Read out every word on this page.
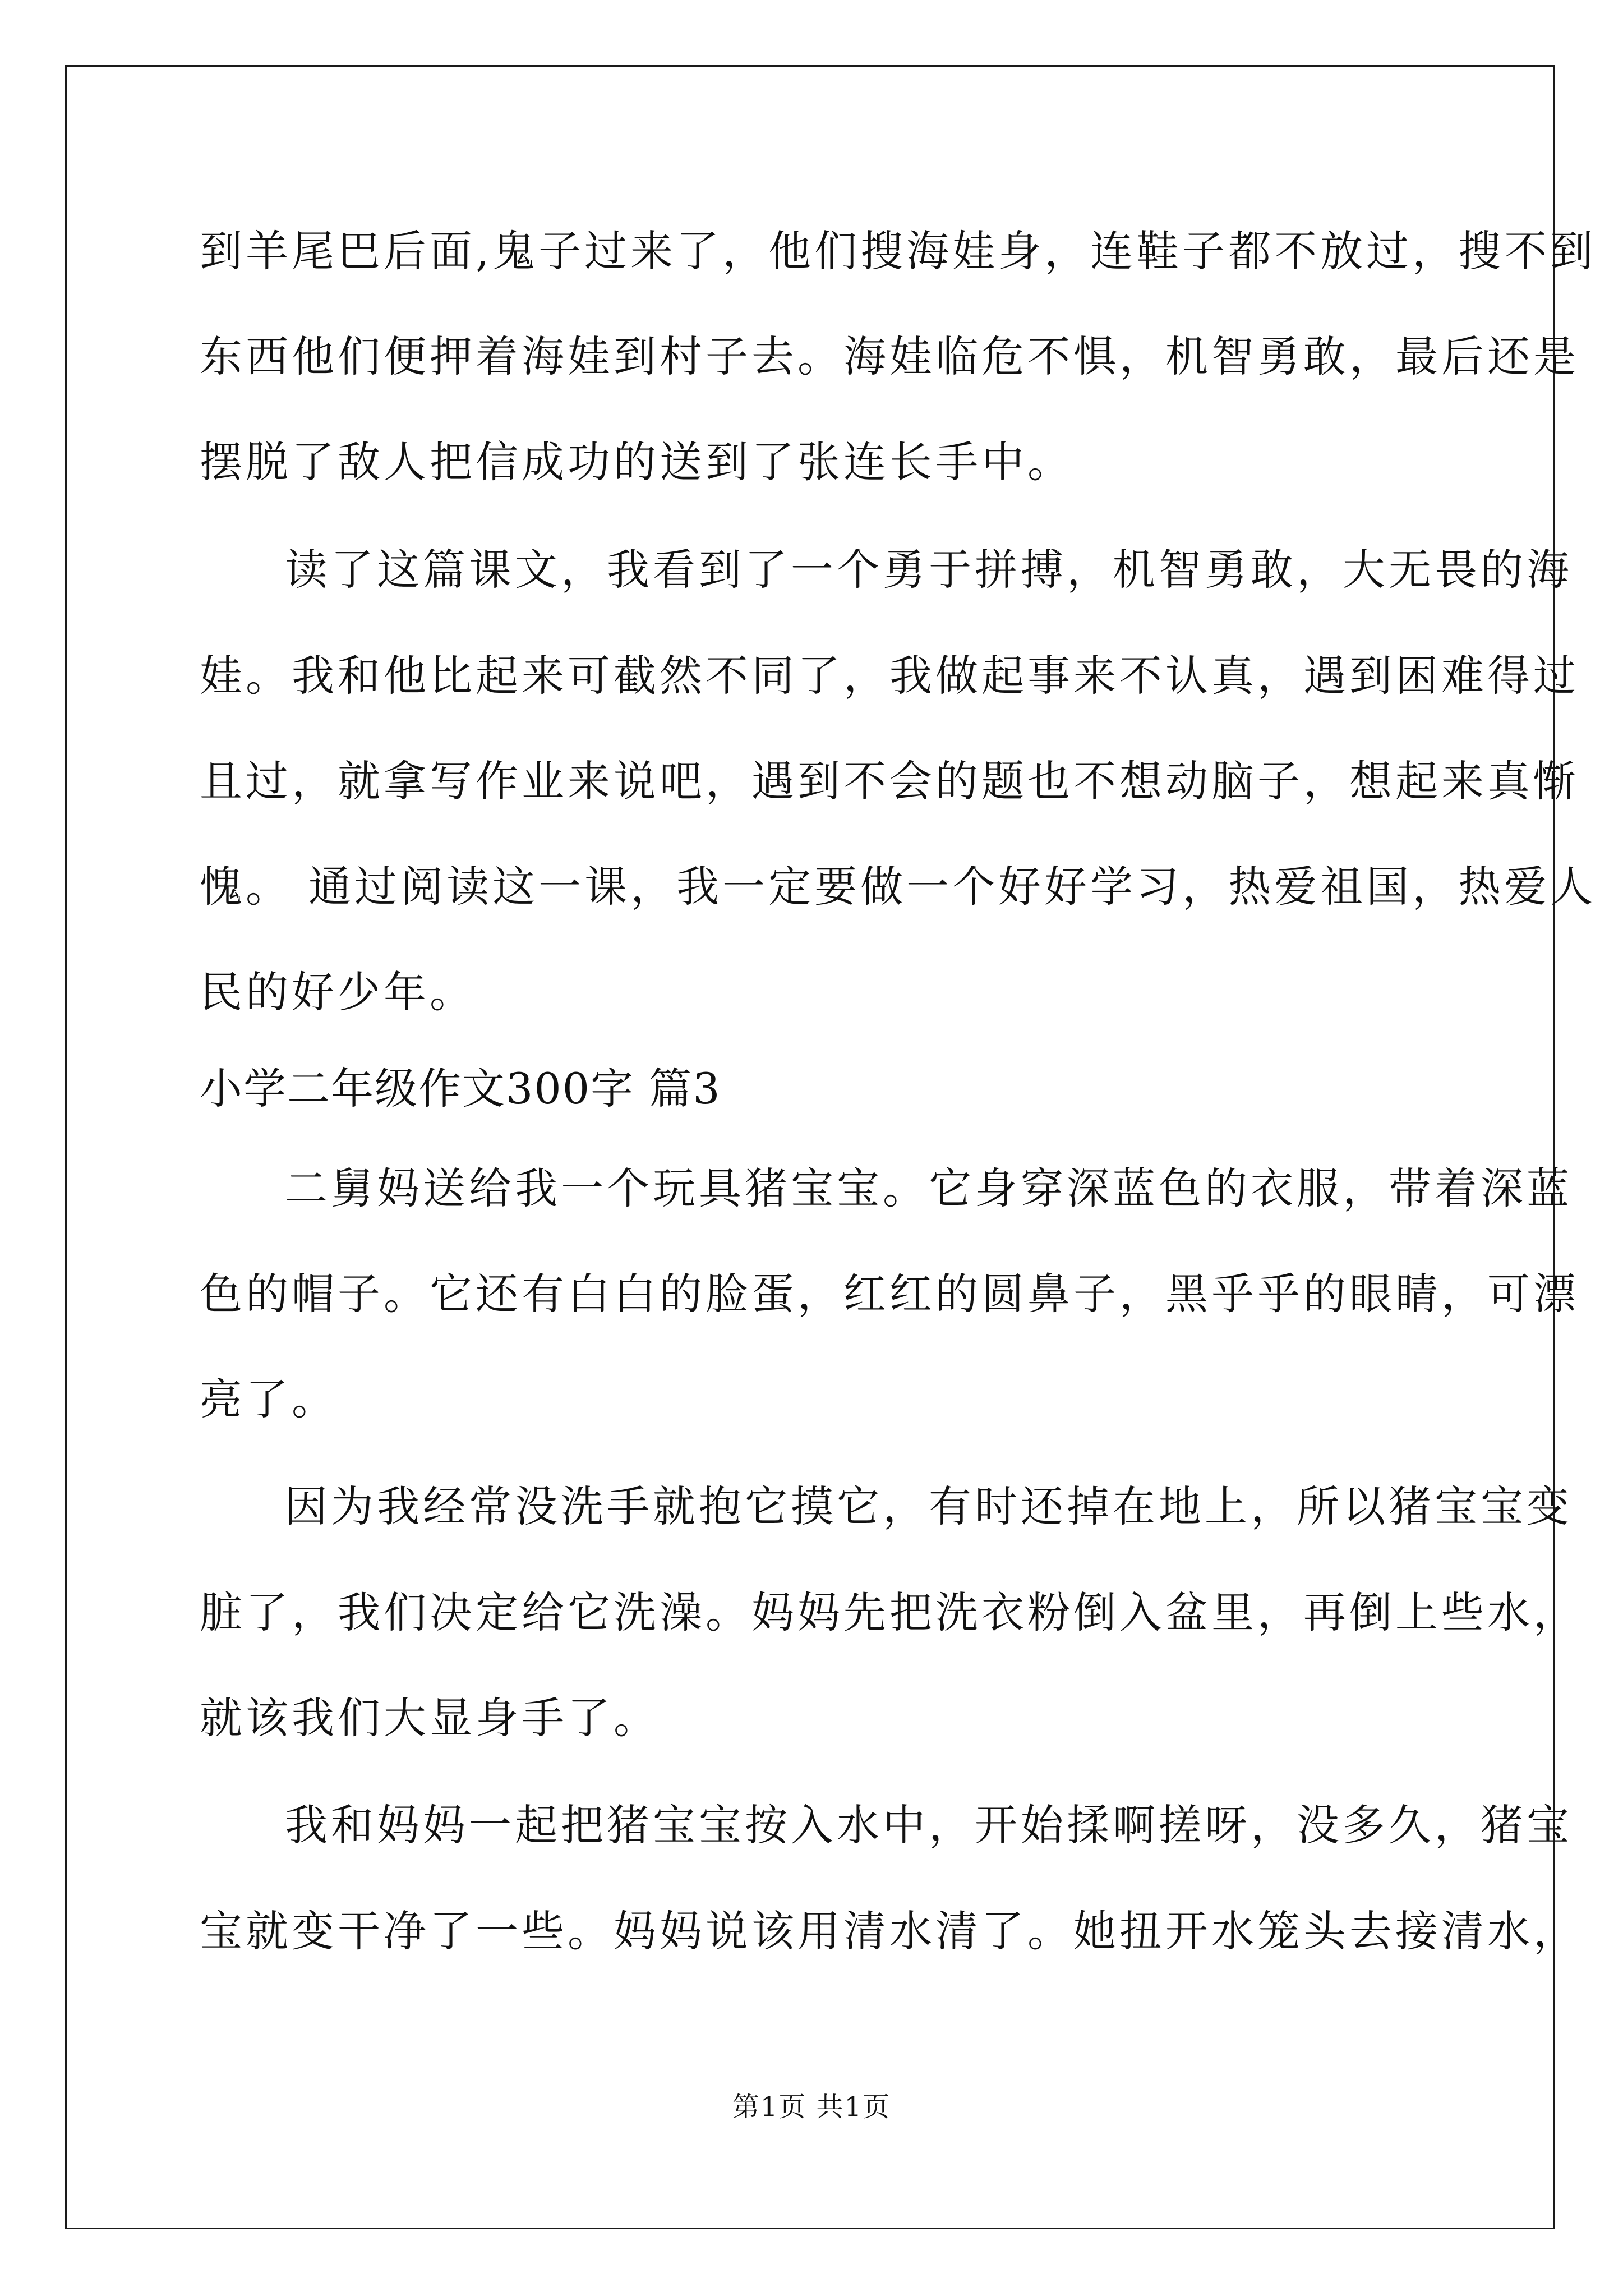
到羊尾巴后面,鬼子过来了，他们搜海娃身，连鞋子都不放过，搜不到
东西他们便押着海娃到村子去。海娃临危不惧，机智勇敢，最后还是
摆脱了敌人把信成功的送到了张连长手中。
读了这篇课文，我看到了一个勇于拼搏，机智勇敢，大无畏的海
娃。我和他比起来可截然不同了，我做起事来不认真，遇到困难得过
且过，就拿写作业来说吧，遇到不会的题也不想动脑子，想起来真惭
愧。 通过阅读这一课，我一定要做一个好好学习，热爱祖国，热爱人
民的好少年。
小学二年级作文300字 篇3
二舅妈送给我一个玩具猪宝宝。它身穿深蓝色的衣服，带着深蓝
色的帽子。它还有白白的脸蛋，红红的圆鼻子，黑乎乎的眼睛，可漂
亮了。
因为我经常没洗手就抱它摸它，有时还掉在地上，所以猪宝宝变
脏了，我们决定给它洗澡。妈妈先把洗衣粉倒入盆里，再倒上些水，
就该我们大显身手了。
我和妈妈一起把猪宝宝按入水中，开始揉啊搓呀，没多久，猪宝
宝就变干净了一些。妈妈说该用清水清了。她扭开水笼头去接清水，
第1页 共1页
